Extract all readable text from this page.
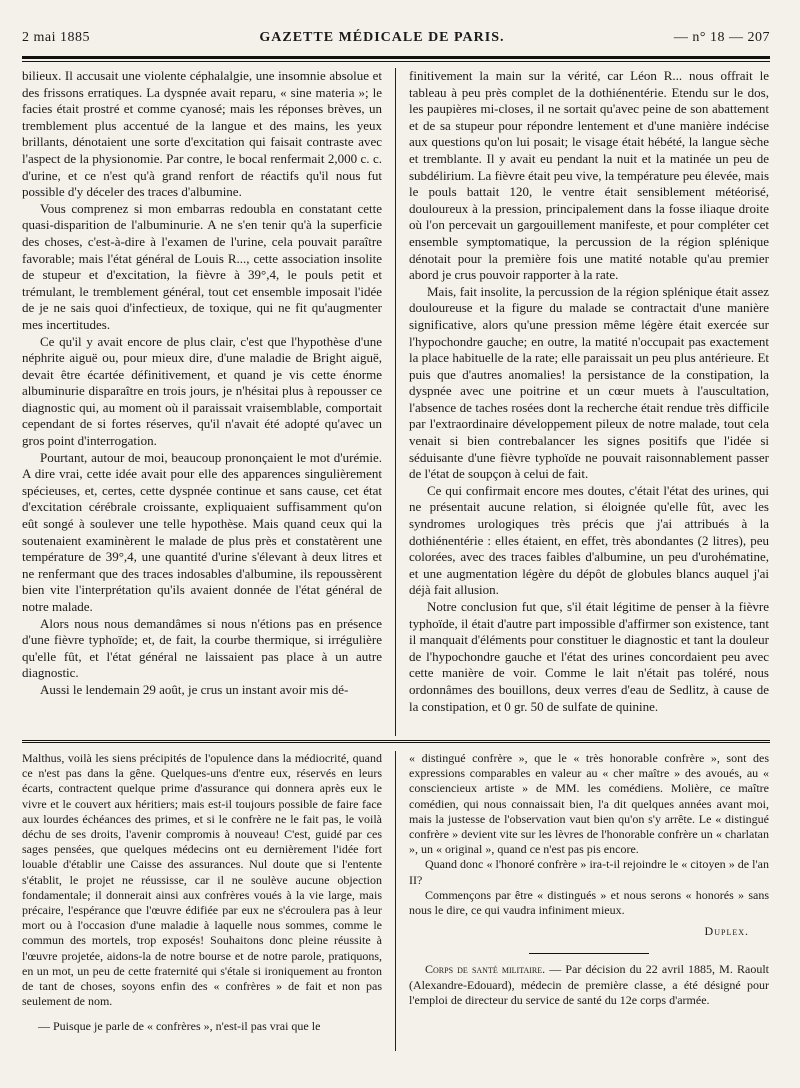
2 mai 1885	GAZETTE MÉDICALE DE PARIS.	— n° 18 — 207

bilieux. Il accusait une violente céphalalgie, une insomnie absolue et des frissons erratiques. La dyspnée avait reparu, « sine materia »; le facies était prostré et comme cyanosé; mais les réponses brèves, un tremblement plus accentué de la langue et des mains, les yeux brillants, dénotaient une sorte d'excitation qui faisait contraste avec l'aspect de la physionomie. Par contre, le bocal renfermait 2,000 c. c. d'urine, et ce n'est qu'à grand renfort de réactifs qu'il nous fut possible d'y déceler des traces d'albumine.

Vous comprenez si mon embarras redoubla en constatant cette quasi-disparition de l'albuminurie. A ne s'en tenir qu'à la superficie des choses, c'est-à-dire à l'examen de l'urine, cela pouvait paraître favorable; mais l'état général de Louis R..., cette association insolite de stupeur et d'excitation, la fièvre à 39°,4, le pouls petit et trémulant, le tremblement général, tout cet ensemble imposait l'idée de je ne sais quoi d'infectieux, de toxique, qui ne fit qu'augmenter mes incertitudes.

Ce qu'il y avait encore de plus clair, c'est que l'hypothèse d'une néphrite aiguë ou, pour mieux dire, d'une maladie de Bright aiguë, devait être écartée définitivement, et quand je vis cette énorme albuminurie disparaître en trois jours, je n'hésitai plus à repousser ce diagnostic qui, au moment où il paraissait vraisemblable, comportait cependant de si fortes réserves, qu'il n'avait été adopté qu'avec un gros point d'interrogation.

Pourtant, autour de moi, beaucoup prononçaient le mot d'urémie. A dire vrai, cette idée avait pour elle des apparences singulièrement spécieuses, et, certes, cette dyspnée continue et sans cause, cet état d'excitation cérébrale croissante, expliquaient suffisamment qu'on eût songé à soulever une telle hypothèse. Mais quand ceux qui la soutenaient examinèrent le malade de plus près et constatèrent une température de 39°,4, une quantité d'urine s'élevant à deux litres et ne renfermant que des traces indosables d'albumine, ils repoussèrent bien vite l'interprétation qu'ils avaient donnée de l'état général de notre malade.

Alors nous nous demandâmes si nous n'étions pas en présence d'une fièvre typhoïde; et, de fait, la courbe thermique, si irrégulière qu'elle fût, et l'état général ne laissaient pas place à un autre diagnostic.

Aussi le lendemain 29 août, je crus un instant avoir mis dé-

finitivement la main sur la vérité, car Léon R... nous offrait le tableau à peu près complet de la dothiénentérie. Etendu sur le dos, les paupières mi-closes, il ne sortait qu'avec peine de son abattement et de sa stupeur pour répondre lentement et d'une manière indécise aux questions qu'on lui posait; le visage était hébété, la langue sèche et tremblante. Il y avait eu pendant la nuit et la matinée un peu de subdélirium. La fièvre était peu vive, la température peu élevée, mais le pouls battait 120, le ventre était sensiblement météorisé, douloureux à la pression, principalement dans la fosse iliaque droite où l'on percevait un gargouillement manifeste, et pour compléter cet ensemble symptomatique, la percussion de la région splénique dénotait pour la première fois une matité notable qu'au premier abord je crus pouvoir rapporter à la rate.

Mais, fait insolite, la percussion de la région splénique était assez douloureuse et la figure du malade se contractait d'une manière significative, alors qu'une pression même légère était exercée sur l'hypochondre gauche; en outre, la matité n'occupait pas exactement la place habituelle de la rate; elle paraissait un peu plus antérieure. Et puis que d'autres anomalies! la persistance de la constipation, la dyspnée avec une poitrine et un cœur muets à l'auscultation, l'absence de taches rosées dont la recherche était rendue très difficile par l'extraordinaire développement pileux de notre malade, tout cela venait si bien contrebalancer les signes positifs que l'idée si séduisante d'une fièvre typhoïde ne pouvait raisonnablement passer de l'état de soupçon à celui de fait.

Ce qui confirmait encore mes doutes, c'était l'état des urines, qui ne présentait aucune relation, si éloignée qu'elle fût, avec les syndromes urologiques très précis que j'ai attribués à la dothiénentérie : elles étaient, en effet, très abondantes (2 litres), peu colorées, avec des traces faibles d'albumine, un peu d'urohématine, et une augmentation légère du dépôt de globules blancs auquel j'ai déjà fait allusion.

Notre conclusion fut que, s'il était légitime de penser à la fièvre typhoïde, il était d'autre part impossible d'affirmer son existence, tant il manquait d'éléments pour constituer le diagnostic et tant la douleur de l'hypochondre gauche et l'état des urines concordaient peu avec cette manière de voir. Comme le lait n'était pas toléré, nous ordonnâmes des bouillons, deux verres d'eau de Sedlitz, à cause de la constipation, et 0 gr. 50 de sulfate de quinine.

Malthus, voilà les siens précipités de l'opulence dans la médiocrité, quand ce n'est pas dans la gêne. Quelques-uns d'entre eux, réservés en leurs écarts, contractent quelque prime d'assurance qui donnera après eux le vivre et le couvert aux héritiers; mais est-il toujours possible de faire face aux lourdes échéances des primes, et si le confrère ne le fait pas, le voilà déchu de ses droits, l'avenir compromis à nouveau! C'est, guidé par ces sages pensées, que quelques médecins ont eu dernièrement l'idée fort louable d'établir une Caisse des assurances. Nul doute que si l'entente s'établit, le projet ne réussisse, car il ne soulève aucune objection fondamentale; il donnerait ainsi aux confrères voués à la vie large, mais précaire, l'espérance que l'œuvre édifiée par eux ne s'écroulera pas à leur mort ou à l'occasion d'une maladie à laquelle nous sommes, comme le commun des mortels, trop exposés! Souhaitons donc pleine réussite à l'œuvre projetée, aidons-la de notre bourse et de notre parole, pratiquons, en un mot, un peu de cette fraternité qui s'étale si ironiquement au fronton de tant de choses, soyons enfin des « confrères » de fait et non pas seulement de nom.

— Puisque je parle de « confrères », n'est-il pas vrai que le

« distingué confrère », que le « très honorable confrère », sont des expressions comparables en valeur au « cher maître » des avoués, au « consciencieux artiste » de MM. les comédiens. Molière, ce maître comédien, qui nous connaissait bien, l'a dit quelques années avant moi, mais la justesse de l'observation vaut bien qu'on s'y arrête. Le « distingué confrère » devient vite sur les lèvres de l'honorable confrère un « charlatan », un « original », quand ce n'est pas pis encore.

Quand donc « l'honoré confrère » ira-t-il rejoindre le « citoyen » de l'an II?

Commençons par être « distingués » et nous serons « honorés » sans nous le dire, ce qui vaudra infiniment mieux.

Duplex.

Corps de santé militaire. — Par décision du 22 avril 1885, M. Raoult (Alexandre-Edouard), médecin de première classe, a été désigné pour l'emploi de directeur du service de santé du 12e corps d'armée.
